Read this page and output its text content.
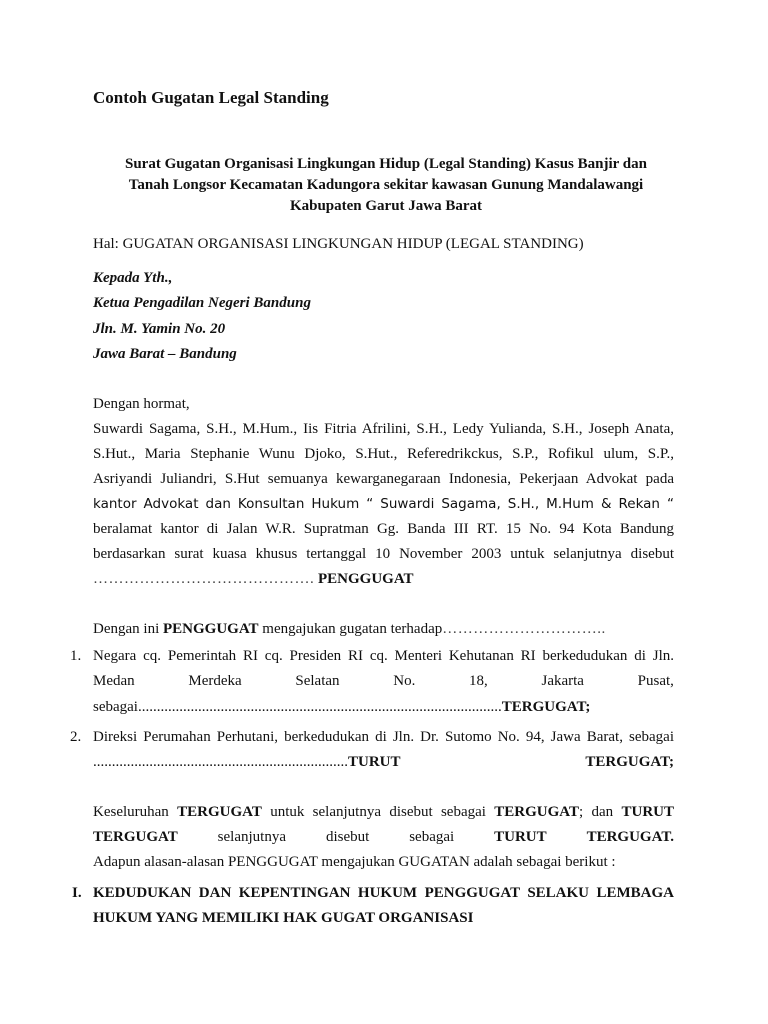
Contoh Gugatan Legal Standing
Surat Gugatan Organisasi Lingkungan Hidup (Legal Standing) Kasus Banjir dan
Tanah Longsor Kecamatan Kadungora sekitar kawasan Gunung Mandalawangi
Kabupaten Garut Jawa Barat
Hal: GUGATAN ORGANISASI LINGKUNGAN HIDUP (LEGAL STANDING)
Kepada Yth.,
Ketua Pengadilan Negeri Bandung
Jln. M. Yamin No. 20
Jawa Barat – Bandung
Dengan hormat,
Suwardi Sagama, S.H., M.Hum., Iis Fitria Afrilini, S.H., Ledy Yulianda, S.H., Joseph Anata,
S.Hut., Maria Stephanie Wunu Djoko, S.Hut., Referedrikckus, S.P., Rofikul ulum, S.P.,
Asriyandi Juliandri, S.Hut semuanya kewarganegaraan Indonesia, Pekerjaan Advokat pada
kantor Advokat dan Konsultan Hukum “ Suwardi Sagama, S.H., M.Hum & Rekan “
beralamat kantor di Jalan W.R. Supratman Gg. Banda III RT. 15 No. 94 Kota Bandung
berdasarkan surat kuasa khusus tertanggal 10 November 2003 untuk selanjutnya disebut
……………………………………. PENGGUGAT
Dengan ini PENGGUGAT mengajukan gugatan terhadap…………………………..
1. Negara cq. Pemerintah RI cq. Presiden RI cq. Menteri Kehutanan RI berkedudukan di Jln.
Medan	Merdeka	Selatan	No.	18,	Jakarta	Pusat,
sebagai.................................................................................................TERGUGAT;
2. Direksi Perumahan Perhutani, berkedudukan di Jln. Dr. Sutomo No. 94, Jawa Barat, sebagai
....................................................................TURUT	TERGUGAT;
Keseluruhan TERGUGAT untuk selanjutnya disebut sebagai TERGUGAT; dan TURUT
TERGUGAT	selanjutnya	disebut	sebagai	TURUT	TERGUGAT.
Adapun alasan-alasan PENGGUGAT mengajukan GUGATAN adalah sebagai berikut :
I. KEDUDUKAN DAN KEPENTINGAN HUKUM PENGGUGAT SELAKU LEMBAGA
HUKUM YANG MEMILIKI HAK GUGAT ORGANISASI
